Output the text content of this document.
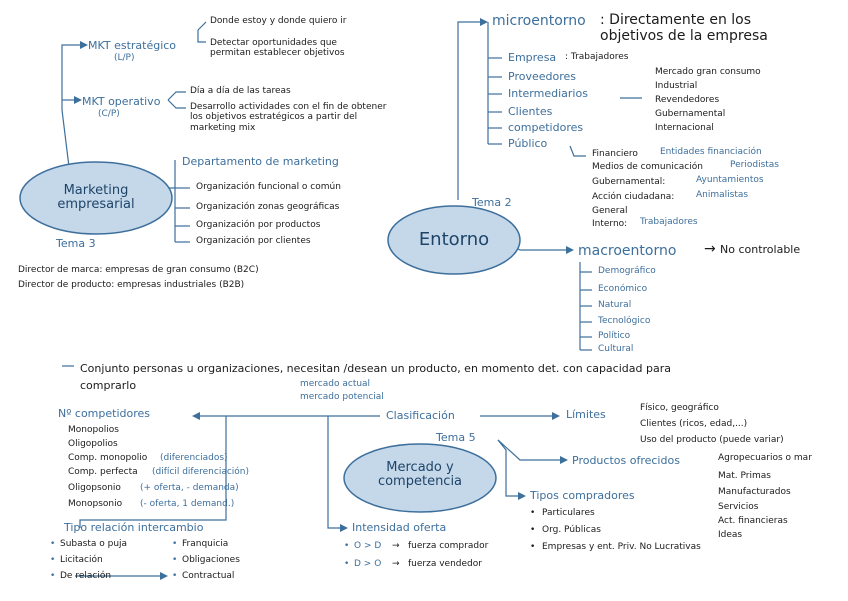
Marketing empresarial
Tema 3
MKT estratégico
(L/P)
Donde estoy y donde quiero ir
Detectar oportunidades que permitan establecer objetivos
MKT operativo
(C/P)
Día a día de las tareas
Desarrollo actividades con el fin de obtener los objetivos estratégicos a partir del marketing mix
Departamento de marketing
Organización funcional o común
Organización zonas geográficas
Organización por productos
Organización por clientes
Director de marca: empresas de gran consumo (B2C)
Director de producto: empresas industriales (B2B)
Entorno
Tema 2
microentorno : Directamente en los objetivos de la empresa
Empresa : Trabajadores
Proveedores
Intermediarios
Clientes
competidores
Público
Mercado gran consumo
Industrial
Revendedores
Gubernamental
Internacional
Financiero Entidades financiación
Medios de comunicación	Periodistas
Gubernamental:	Ayuntamientos
Acción ciudadana: Animalistas
General
Interno: Trabajadores
macroentorno → No controlable
Demográfico
Económico
Natural
Tecnológico
Político
Cultural
Conjunto personas u organizaciones, necesitan /desean un producto, en momento det. con capacidad para comprarlo	mercado actual
mercado potencial
Mercado y competencia
Tema 5
Clasificación
Nº competidores
Monopolios
Oligopolios
Comp. monopolio (diferenciados)
Comp. perfecta (difícil diferenciación)
Oligopsonio (+ oferta, - demanda)
Monopsonio (- oferta, 1 demand.)
Límites	Físico, geográfico
Clientes (ricos, edad,...)
Uso del producto (puede variar)
Productos ofrecidos	Agropecuarios o mar
Mat. Primas
Manufacturados
Servicios
Act. financieras
Ideas
Tipos compradores
• Particulares
• Org. Públicas
• Empresas y ent. Priv. No Lucrativas
Intensidad oferta
• O > D → fuerza comprador
• D > O → fuerza vendedor
Tipo relación intercambio
• Subasta o puja
• Licitación
• De relación
• Franquicia
• Obligaciones
• Contractual
